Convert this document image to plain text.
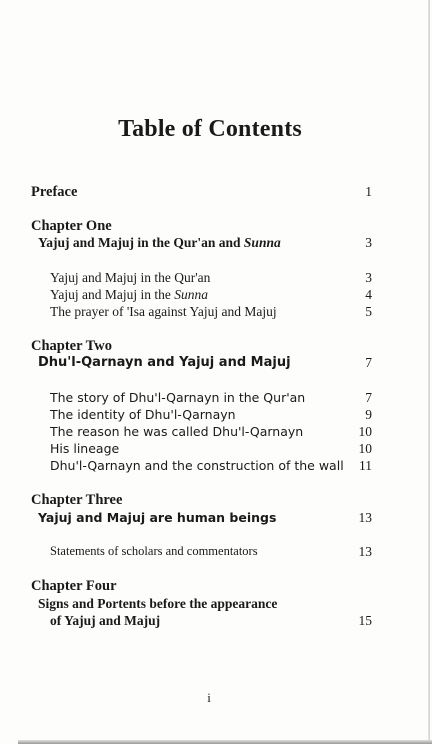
Table of Contents
Preface	1
Chapter One
Yajuj and Majuj in the Qur'an and Sunna	3
Yajuj and Majuj in the Qur'an	3
Yajuj and Majuj in the Sunna	4
The prayer of 'Isa against Yajuj and Majuj	5
Chapter Two
Dhu'l-Qarnayn and Yajuj and Majuj	7
The story of Dhu'l-Qarnayn in the Qur'an	7
The identity of Dhu'l-Qarnayn	9
The reason he was called Dhu'l-Qarnayn	10
His lineage	10
Dhu'l-Qarnayn and the construction of the wall 11
Chapter Three
Yajuj and Majuj are human beings	13
Statements of scholars and commentators	13
Chapter Four
Signs and Portents before the appearance
of Yajuj and Majuj	15
i
